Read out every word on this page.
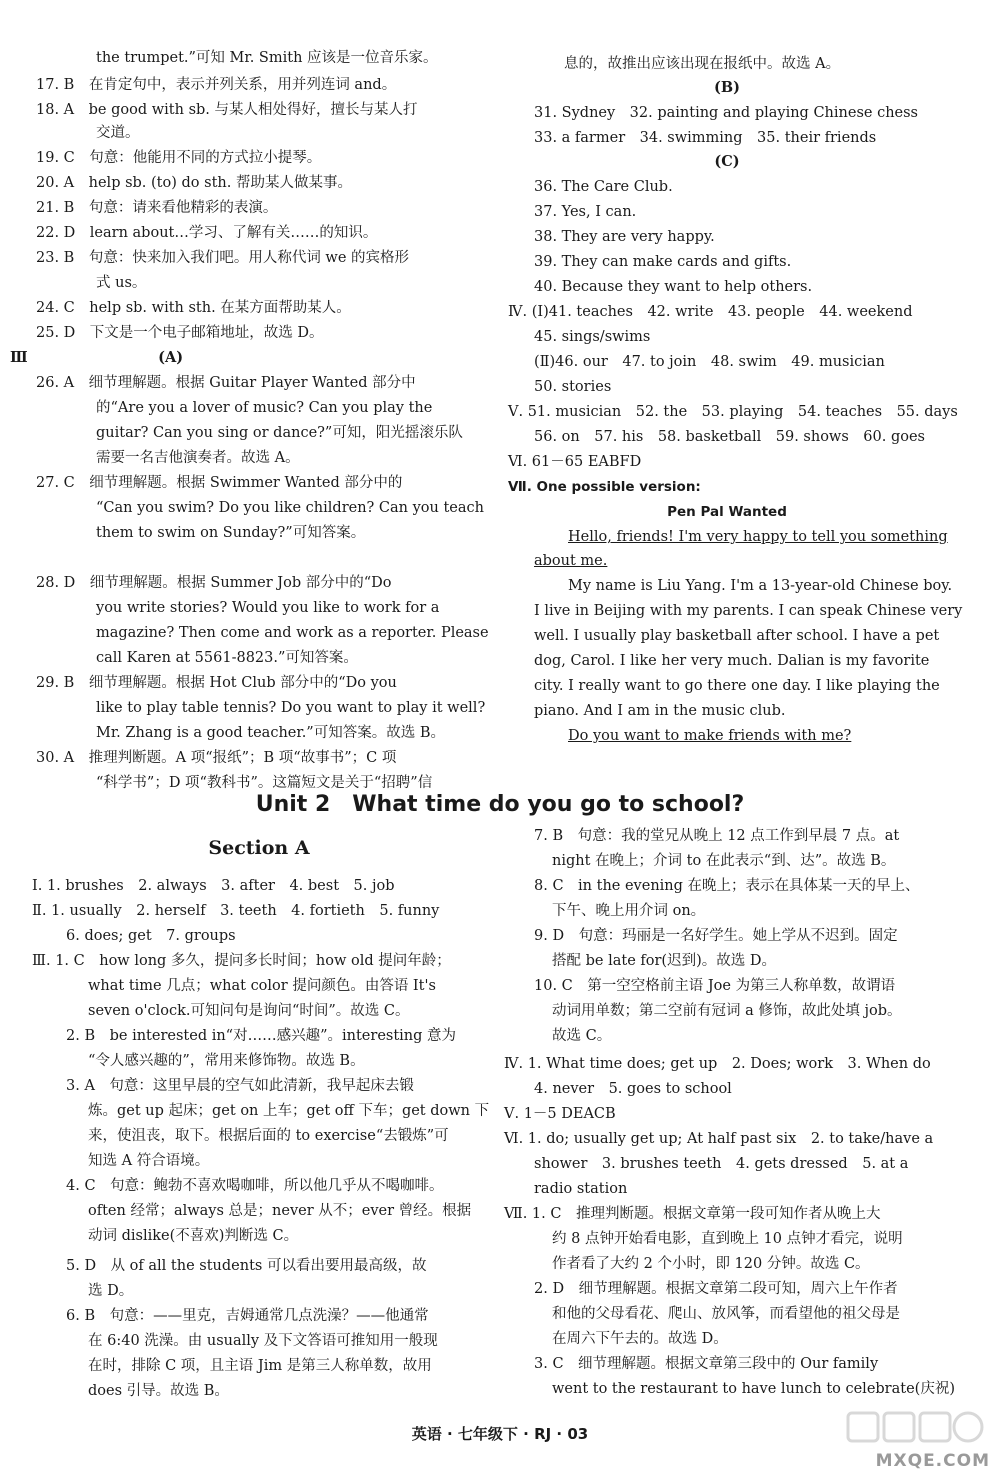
the trumpet.”可知 Mr. Smith 应该是一位音乐家。
17. B　在肯定句中，表示并列关系，用并列连词 and。
18. A　be good with sb. 与某人相处得好，擅长与某人打
交道。
19. C　句意：他能用不同的方式拉小提琴。
20. A　help sb. (to) do sth. 帮助某人做某事。
21. B　句意：请来看他精彩的表演。
22. D　learn about…学习、了解有关……的知识。
23. B　句意：快来加入我们吧。用人称代词 we 的宾格形
式 us。
24. C　help sb. with sth. 在某方面帮助某人。
25. D　下文是一个电子邮箱地址，故选 D。
Ⅲ　　　　　　　　　(A)
26. A　细节理解题。根据 Guitar Player Wanted 部分中
的“Are you a lover of music? Can you play the
guitar? Can you sing or dance?”可知，阳光摇滚乐队
需要一名吉他演奏者。故选 A。
27. C　细节理解题。根据 Swimmer Wanted 部分中的
“Can you swim? Do you like children? Can you teach
them to swim on Sunday?”可知答案。
28. D　细节理解题。根据 Summer Job 部分中的“Do
you write stories? Would you like to work for a
magazine? Then come and work as a reporter. Please
call Karen at 5561-8823.”可知答案。
29. B　细节理解题。根据 Hot Club 部分中的“Do you
like to play table tennis? Do you want to play it well?
Mr. Zhang is a good teacher.”可知答案。故选 B。
30. A　推理判断题。A 项“报纸”；B 项“故事书”；C 项
“科学书”；D 项“教科书”。这篇短文是关于“招聘”信
息的，故推出应该出现在报纸中。故选 A。
(B)
31. Sydney　32. painting and playing Chinese chess
33. a farmer　34. swimming　35. their friends
(C)
36. The Care Club.
37. Yes, I can.
38. They are very happy.
39. They can make cards and gifts.
40. Because they want to help others.
Ⅳ. (Ⅰ)41. teaches　42. write　43. people　44. weekend
45. sings/swims
(Ⅱ)46. our　47. to join　48. swim　49. musician
50. stories
Ⅴ. 51. musician　52. the　53. playing　54. teaches　55. days
56. on　57. his　58. basketball　59. shows　60. goes
Ⅵ. 61－65 EABFD
Ⅶ. One possible version:
Pen Pal Wanted
Hello, friends! I'm very happy to tell you something
about me.
My name is Liu Yang. I'm a 13-year-old Chinese boy.
I live in Beijing with my parents. I can speak Chinese very
well. I usually play basketball after school. I have a pet
dog, Carol. I like her very much. Dalian is my favorite
city. I really want to go there one day. I like playing the
piano. And I am in the music club.
Do you want to make friends with me?
Unit 2　What time do you go to school?
Section A
Ⅰ. 1. brushes　2. always　3. after　4. best　5. job
Ⅱ. 1. usually　2. herself　3. teeth　4. fortieth　5. funny
6. does; get　7. groups
Ⅲ. 1. C　how long 多久，提问多长时间；how old 提问年龄；
what time 几点；what color 提问颜色。由答语 It's
seven o'clock.可知问句是询问“时间”。故选 C。
2. B　be interested in“对……感兴趣”。interesting 意为
“令人感兴趣的”，常用来修饰物。故选 B。
3. A　句意：这里早晨的空气如此清新，我早起床去锻
炼。get up 起床；get on 上车；get off 下车；get down 下
来，使沮丧，取下。根据后面的 to exercise“去锻炼”可
知选 A 符合语境。
4. C　句意：鲍勃不喜欢喝咖啡，所以他几乎从不喝咖啡。
often 经常；always 总是；never 从不；ever 曾经。根据
动词 dislike(不喜欢)判断选 C。
5. D　从 of all the students 可以看出要用最高级，故
选 D。
6. B　句意：——里克，吉姆通常几点洗澡？——他通常
在 6:40 洗澡。由 usually 及下文答语可推知用一般现
在时，排除 C 项，且主语 Jim 是第三人称单数，故用
does 引导。故选 B。
7. B　句意：我的堂兄从晚上 12 点工作到早晨 7 点。at
night 在晚上；介词 to 在此表示“到、达”。故选 B。
8. C　in the evening 在晚上；表示在具体某一天的早上、
下午、晚上用介词 on。
9. D　句意：玛丽是一名好学生。她上学从不迟到。固定
搭配 be late for(迟到)。故选 D。
10. C　第一空空格前主语 Joe 为第三人称单数，故谓语
动词用单数；第二空前有冠词 a 修饰，故此处填 job。
故选 C。
Ⅳ. 1. What time does; get up　2. Does; work　3. When do
4. never　5. goes to school
Ⅴ. 1－5 DEACB
Ⅵ. 1. do; usually get up; At half past six　2. to take/have a
shower　3. brushes teeth　4. gets dressed　5. at a
radio station
Ⅶ. 1. C　推理判断题。根据文章第一段可知作者从晚上大
约 8 点钟开始看电影，直到晚上 10 点钟才看完，说明
作者看了大约 2 个小时，即 120 分钟。故选 C。
2. D　细节理解题。根据文章第二段可知，周六上午作者
和他的父母看花、爬山、放风筝，而看望他的祖父母是
在周六下午去的。故选 D。
3. C　细节理解题。根据文章第三段中的 Our family
went to the restaurant to have lunch to celebrate(庆祝)
英语 · 七年级下 · RJ · 03
MXQE.COM
